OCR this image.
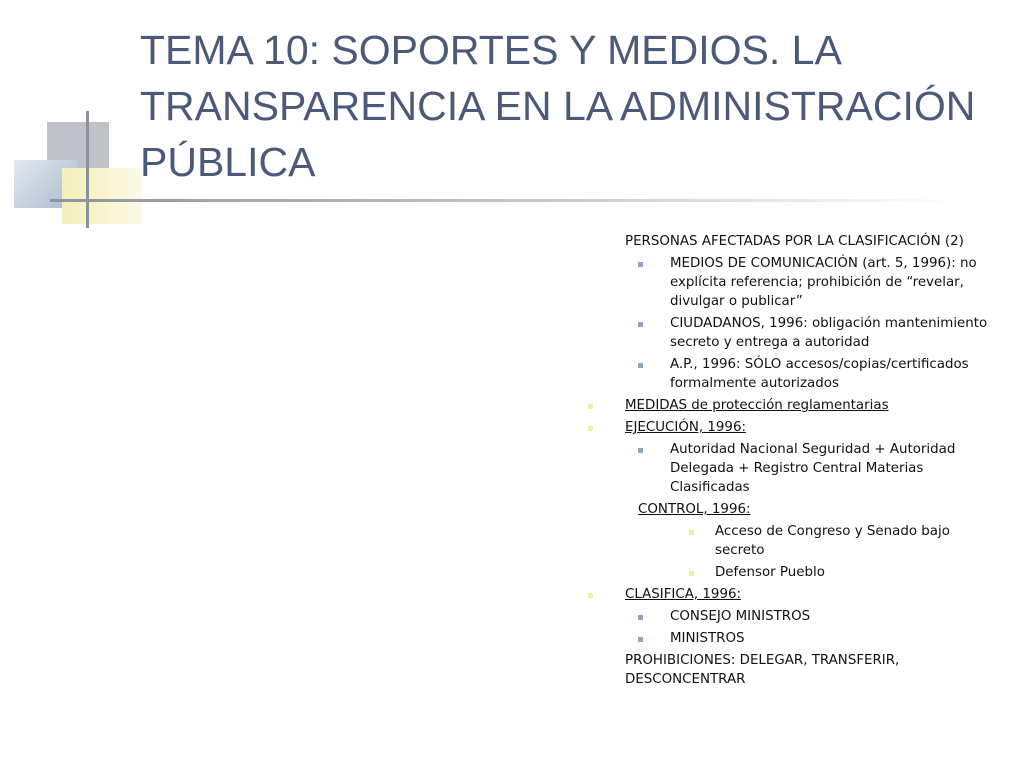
TEMA 10: SOPORTES Y MEDIOS. LA TRANSPARENCIA EN LA ADMINISTRACIÓN PÚBLICA
PERSONAS AFECTADAS POR LA CLASIFICACIÓN (2)
MEDIOS DE COMUNICACIÓN (art. 5, 1996): no explícita referencia; prohibición de “revelar, divulgar o publicar”
CIUDADANOS, 1996: obligación mantenimiento secreto y entrega a autoridad
A.P., 1996: SÓLO accesos/copias/certificados formalmente autorizados
MEDIDAS de protección reglamentarias
EJECUCIÓN, 1996:
Autoridad Nacional Seguridad + Autoridad Delegada + Registro Central Materias Clasificadas
CONTROL, 1996:
Acceso de Congreso y Senado bajo secreto
Defensor Pueblo
CLASIFICA, 1996:
CONSEJO MINISTROS
MINISTROS
PROHIBICIONES: DELEGAR, TRANSFERIR, DESCONCENTRAR
